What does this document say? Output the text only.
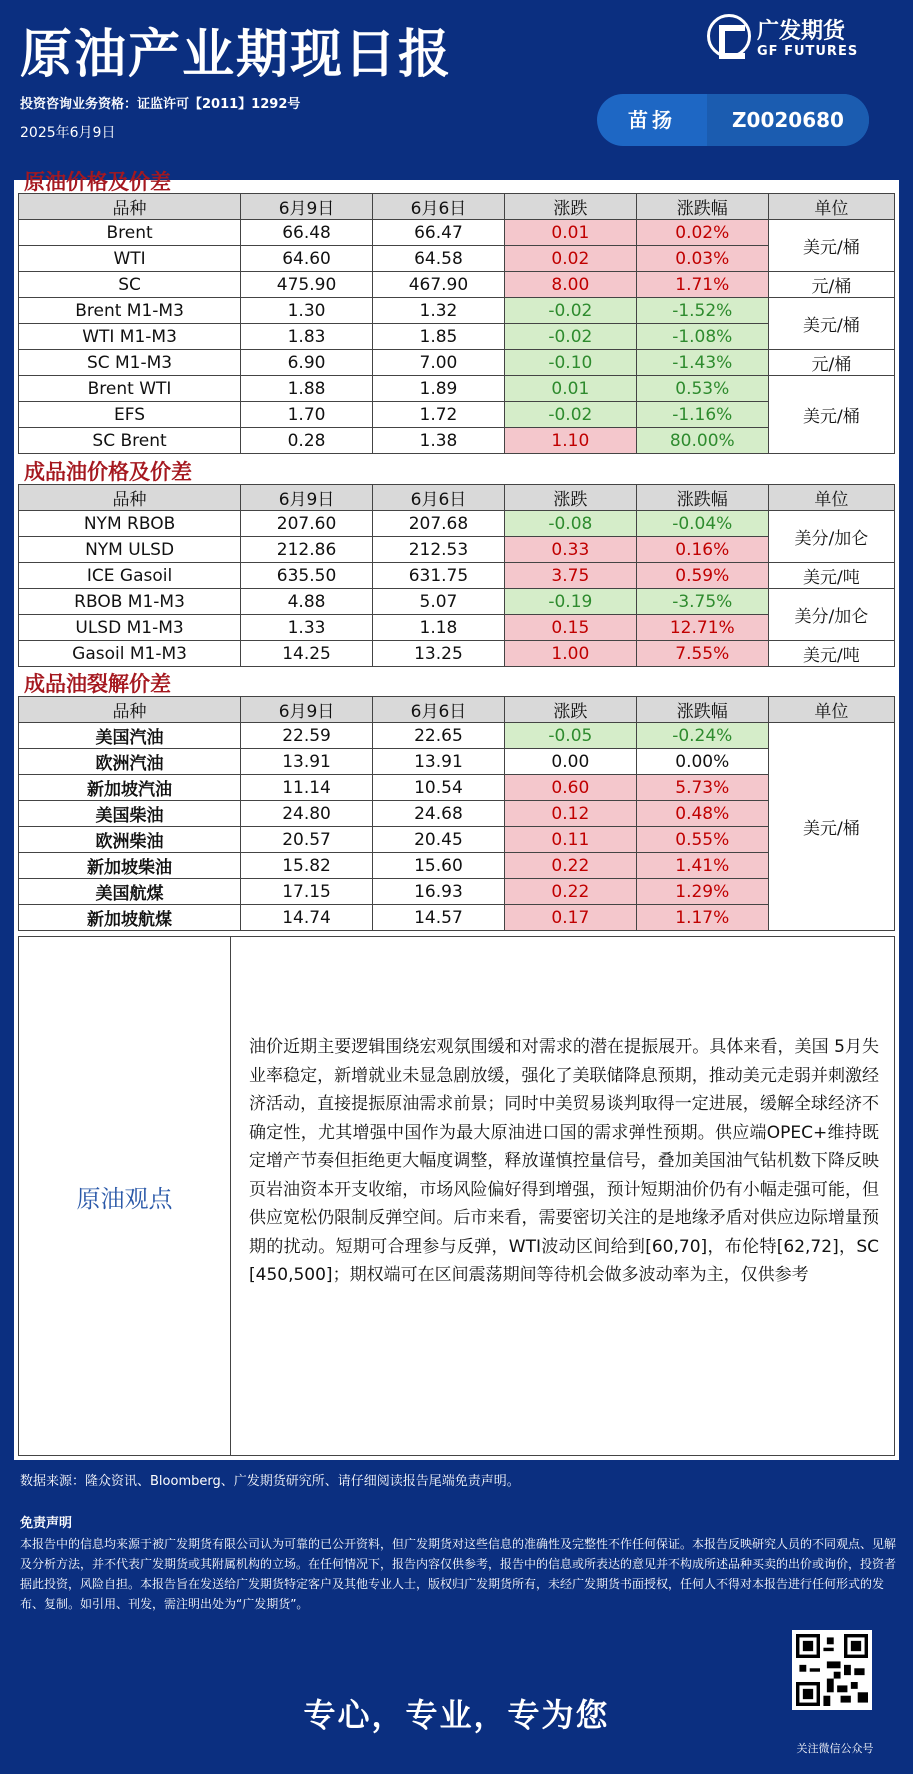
原油产业期现日报	广发期货
GF FUTURES
投资咨询业务资格：证监许可【2011】1292号
2025年6月9日
苗扬	Z0020680
原油价格及价差
品种	6月9日	6月6日	涨跌	涨跌幅	单位
Brent	66.48	66.47	0.01	0.02%	美元/桶
WTI	64.60	64.58	0.02	0.03%	
SC	475.90	467.90	8.00	1.71%	元/桶
Brent M1-M3	1.30	1.32	-0.02	-1.52%	美元/桶
WTI M1-M3	1.83	1.85	-0.02	-1.08%	
SC M1-M3	6.90	7.00	-0.10	-1.43%	元/桶
Brent WTI	1.88	1.89	0.01	0.53%	美元/桶
EFS	1.70	1.72	-0.02	-1.16%	
SC Brent	0.28	1.38	1.10	80.00%	
成品油价格及价差
品种	6月9日	6月6日	涨跌	涨跌幅	单位
NYM RBOB	207.60	207.68	-0.08	-0.04%	美分/加仑
NYM ULSD	212.86	212.53	0.33	0.16%	
ICE Gasoil	635.50	631.75	3.75	0.59%	美元/吨
RBOB M1-M3	4.88	5.07	-0.19	-3.75%	美分/加仑
ULSD M1-M3	1.33	1.18	0.15	12.71%	
Gasoil M1-M3	14.25	13.25	1.00	7.55%	美元/吨
成品油裂解价差
品种	6月9日	6月6日	涨跌	涨跌幅	单位
美国汽油	22.59	22.65	-0.05	-0.24%	美元/桶
欧洲汽油	13.91	13.91	0.00	0.00%	
新加坡汽油	11.14	10.54	0.60	5.73%	
美国柴油	24.80	24.68	0.12	0.48%	
欧洲柴油	20.57	20.45	0.11	0.55%	
新加坡柴油	15.82	15.60	0.22	1.41%	
美国航煤	17.15	16.93	0.22	1.29%	
新加坡航煤	14.74	14.57	0.17	1.17%	
原油观点
油价近期主要逻辑围绕宏观氛围缓和对需求的潜在提振展开。具体来看，美国 5月失业率稳定，新增就业未显急剧放缓，强化了美联储降息预期，推动美元走弱并刺激经济活动，直接提振原油需求前景；同时中美贸易谈判取得一定进展，缓解全球经济不确定性，尤其增强中国作为最大原油进口国的需求弹性预期。供应端OPEC+维持既定增产节奏但拒绝更大幅度调整，释放谨慎控量信号，叠加美国油气钻机数下降反映页岩油资本开支收缩，市场风险偏好得到增强，预计短期油价仍有小幅走强可能，但供应宽松仍限制反弹空间。后市来看，需要密切关注的是地缘矛盾对供应边际增量预期的扰动。短期可合理参与反弹，WTI波动区间给到[60,70]，布伦特[62,72]，SC [450,500]；期权端可在区间震荡期间等待机会做多波动率为主，仅供参考
数据来源：隆众资讯、Bloomberg、广发期货研究所、请仔细阅读报告尾端免责声明。
免责声明
本报告中的信息均来源于被广发期货有限公司认为可靠的已公开资料，但广发期货对这些信息的准确性及完整性不作任何保证。本报告反映研究人员的不同观点、见解及分析方法，并不代表广发期货或其附属机构的立场。在任何情况下，报告内容仅供参考，报告中的信息或所表达的意见并不构成所述品种买卖的出价或询价，投资者据此投资，风险自担。本报告旨在发送给广发期货特定客户及其他专业人士，版权归广发期货所有，未经广发期货书面授权，任何人不得对本报告进行任何形式的发布、复制。如引用、刊发，需注明出处为“广发期货”。
专心，专业，专为您
关注微信公众号
